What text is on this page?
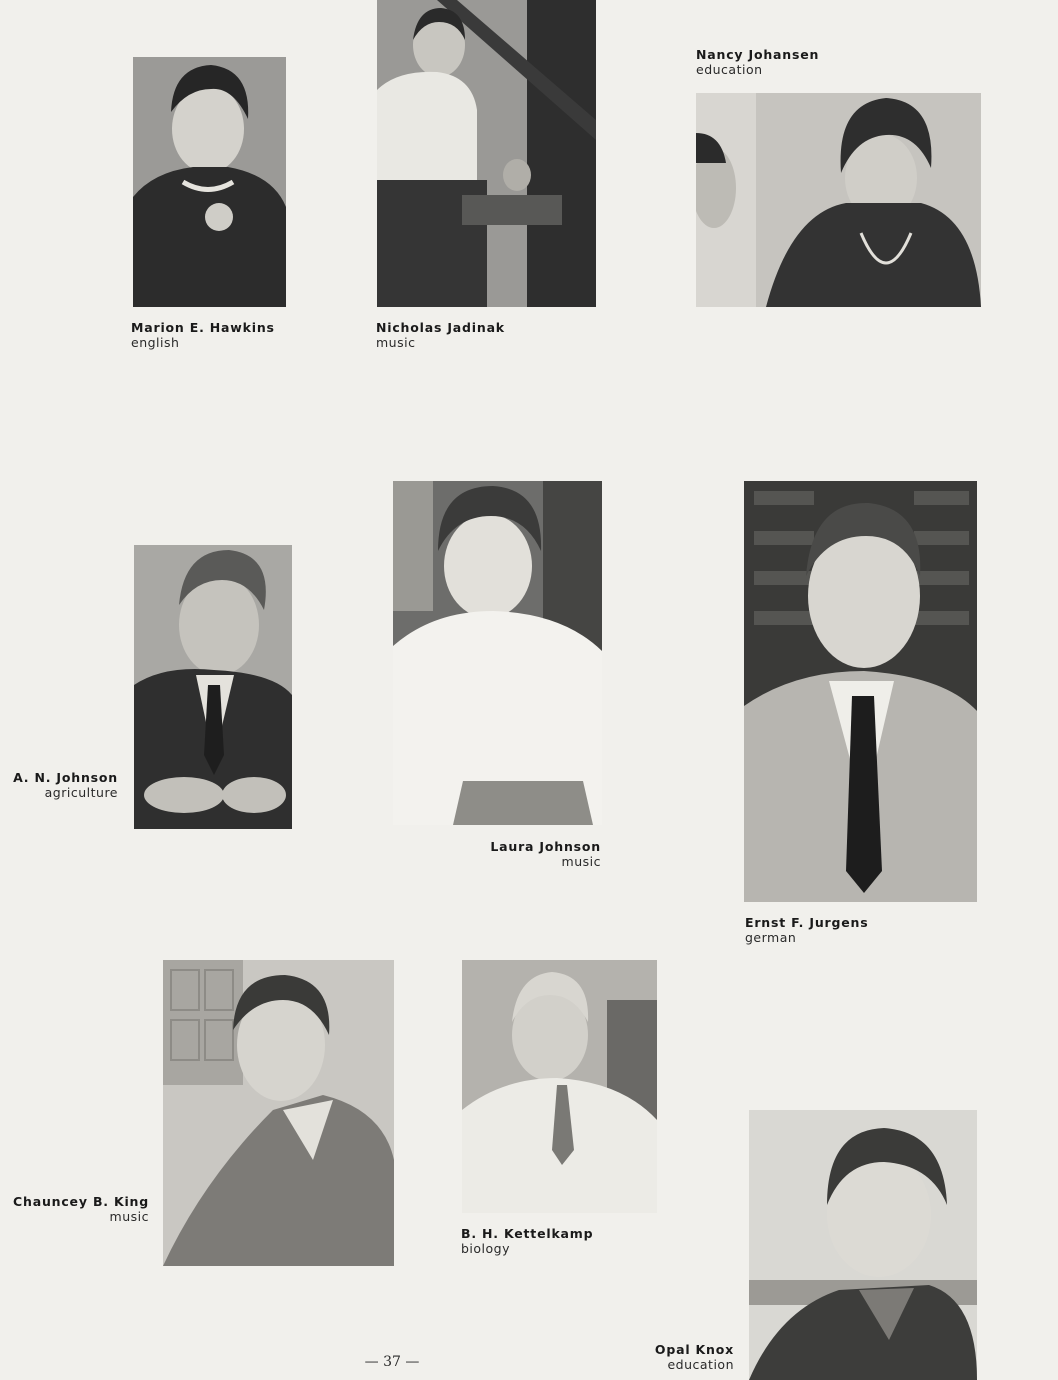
Marion E. Hawkins
english
Nicholas Jadinak
music
Nancy Johansen
education
A. N. Johnson
agriculture
Laura Johnson
music
Ernst F. Jurgens
german
Chauncey B. King
music
B. H. Kettelkamp
biology
Opal Knox
education
— 37 —
